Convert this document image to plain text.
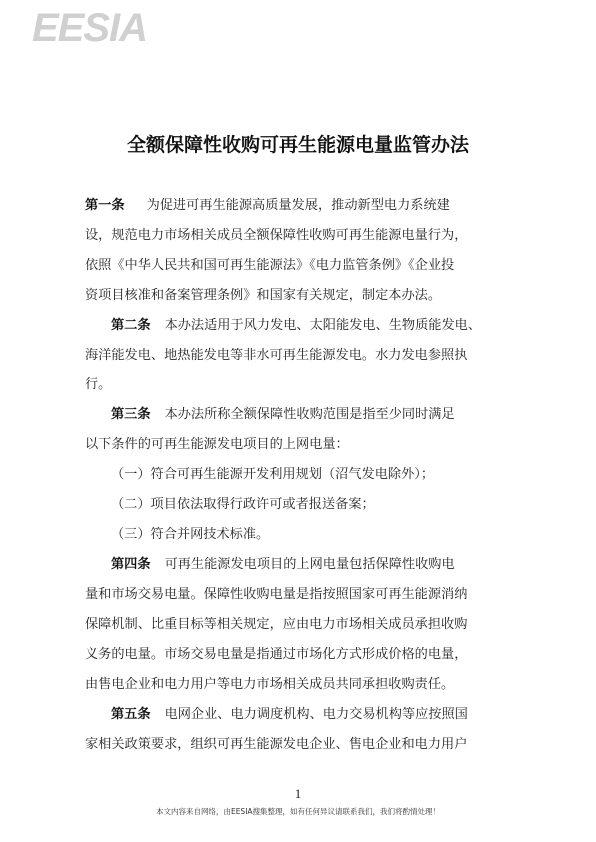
EESIA
全额保障性收购可再生能源电量监管办法
第一条 为促进可再生能源高质量发展，推动新型电力系统建
设，规范电力市场相关成员全额保障性收购可再生能源电量行为，
依照《中华人民共和国可再生能源法》《电力监管条例》《企业投
资项目核准和备案管理条例》和国家有关规定，制定本办法。
第二条 本办法适用于风力发电、太阳能发电、生物质能发电、
海洋能发电、地热能发电等非水可再生能源发电。水力发电参照执
行。
第三条 本办法所称全额保障性收购范围是指至少同时满足
以下条件的可再生能源发电项目的上网电量：
（一）符合可再生能源开发利用规划（沼气发电除外）；
（二）项目依法取得行政许可或者报送备案；
（三）符合并网技术标准。
第四条 可再生能源发电项目的上网电量包括保障性收购电
量和市场交易电量。保障性收购电量是指按照国家可再生能源消纳
保障机制、比重目标等相关规定，应由电力市场相关成员承担收购
义务的电量。市场交易电量是指通过市场化方式形成价格的电量，
由售电企业和电力用户等电力市场相关成员共同承担收购责任。
第五条 电网企业、电力调度机构、电力交易机构等应按照国
家相关政策要求，组织可再生能源发电企业、售电企业和电力用户
1
本文内容来自网络，由EESIA搜集整理，如有任何异议请联系我们，我们将酌情处理！
